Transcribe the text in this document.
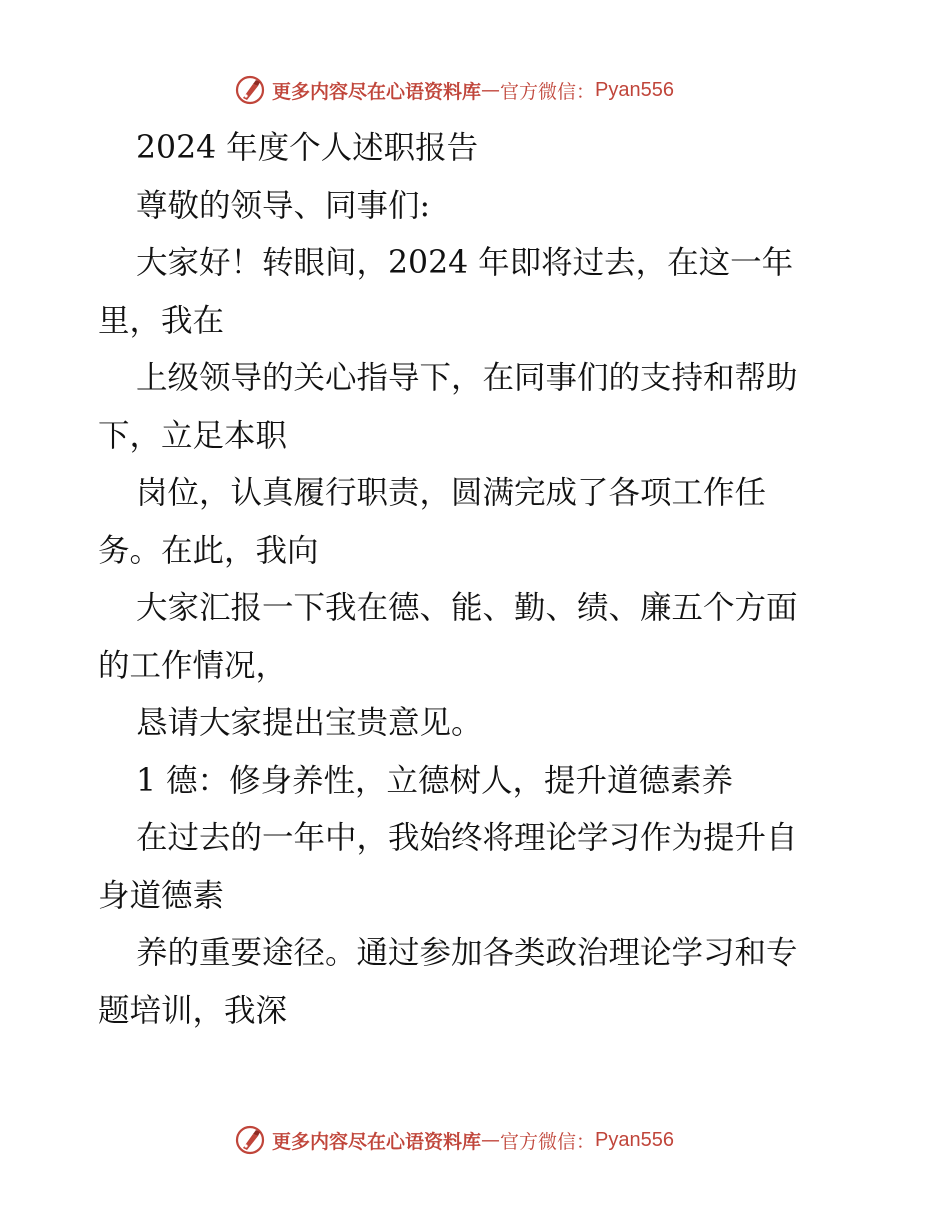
更多内容尽在心语资料库 — 官方微信： Pyan556
2024 年度个人述职报告
尊敬的领导、同事们:
大家好！转眼间，2024 年即将过去，在这一年
里，我在
上级领导的关心指导下，在同事们的支持和帮助
下，立足本职
岗位，认真履行职责，圆满完成了各项工作任
务。在此，我向
大家汇报一下我在德、能、勤、绩、廉五个方面
的工作情况，
恳请大家提出宝贵意见。
1 德：修身养性，立德树人，提升道德素养
在过去的一年中，我始终将理论学习作为提升自
身道德素
养的重要途径。通过参加各类政治理论学习和专
题培训，我深
更多内容尽在心语资料库 — 官方微信： Pyan556
